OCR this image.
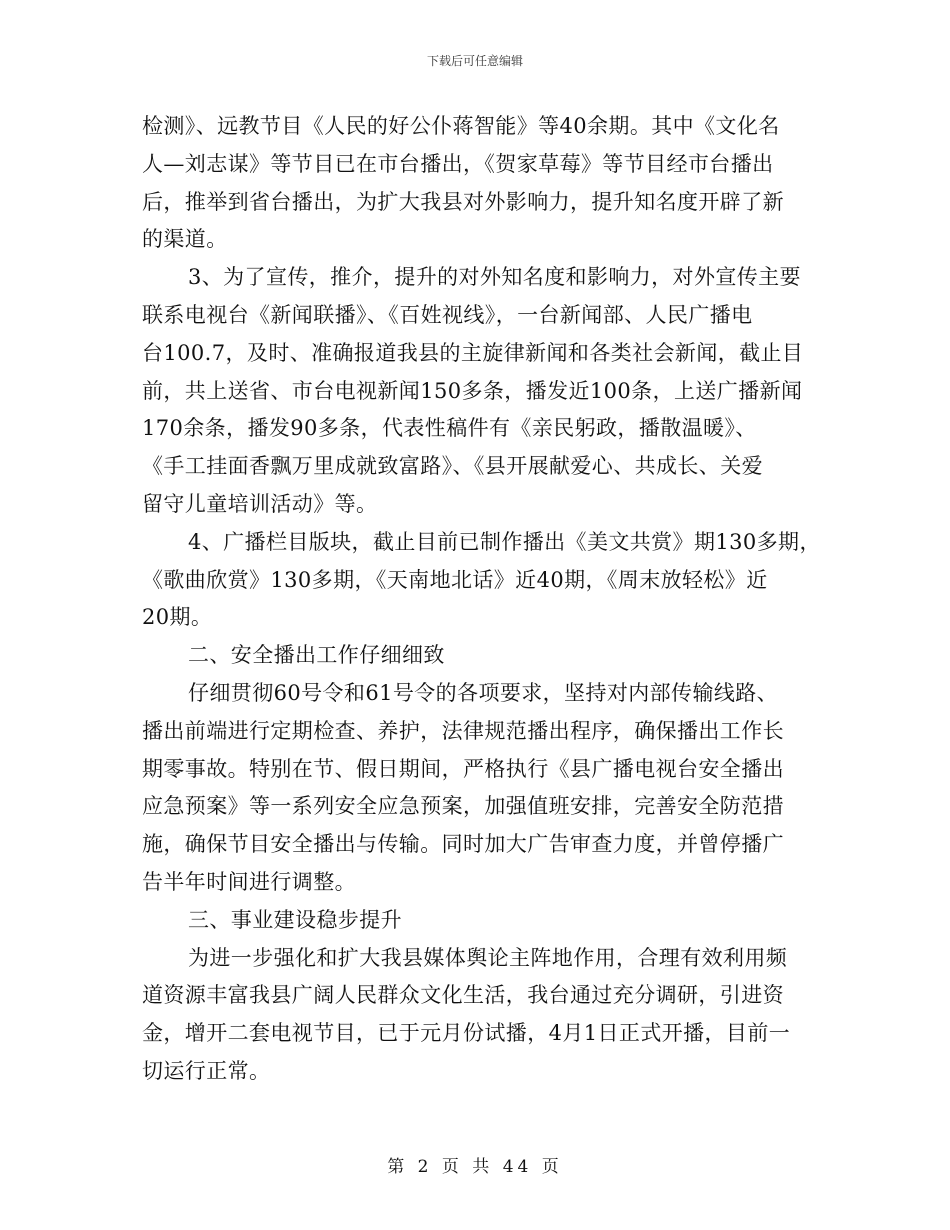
下载后可任意编辑
检测》、远教节目《人民的好公仆蒋智能》等40余期。其中《文化名
人—刘志谋》等节目已在市台播出，《贺家草莓》等节目经市台播出
后，推举到省台播出，为扩大我县对外影响力，提升知名度开辟了新
的渠道。
3、为了宣传，推介，提升的对外知名度和影响力，对外宣传主要
联系电视台《新闻联播》、《百姓视线》，一台新闻部、人民广播电
台100.7，及时、准确报道我县的主旋律新闻和各类社会新闻，截止目
前，共上送省、市台电视新闻150多条，播发近100条，上送广播新闻
170余条，播发90多条，代表性稿件有《亲民躬政，播散温暖》、
《手工挂面香飘万里成就致富路》、《县开展献爱心、共成长、关爱
留守儿童培训活动》等。
4、广播栏目版块，截止目前已制作播出《美文共赏》期130多期，
《歌曲欣赏》130多期，《天南地北话》近40期，《周末放轻松》近
20期。
二、安全播出工作仔细细致
仔细贯彻60号令和61号令的各项要求，坚持对内部传输线路、
播出前端进行定期检查、养护，法律规范播出程序，确保播出工作长
期零事故。特别在节、假日期间，严格执行《县广播电视台安全播出
应急预案》等一系列安全应急预案，加强值班安排，完善安全防范措
施，确保节目安全播出与传输。同时加大广告审查力度，并曾停播广
告半年时间进行调整。
三、事业建设稳步提升
为进一步强化和扩大我县媒体舆论主阵地作用，合理有效利用频
道资源丰富我县广阔人民群众文化生活，我台通过充分调研，引进资
金，增开二套电视节目，已于元月份试播，4月1日正式开播，目前一
切运行正常。
第 2 页 共 44 页
